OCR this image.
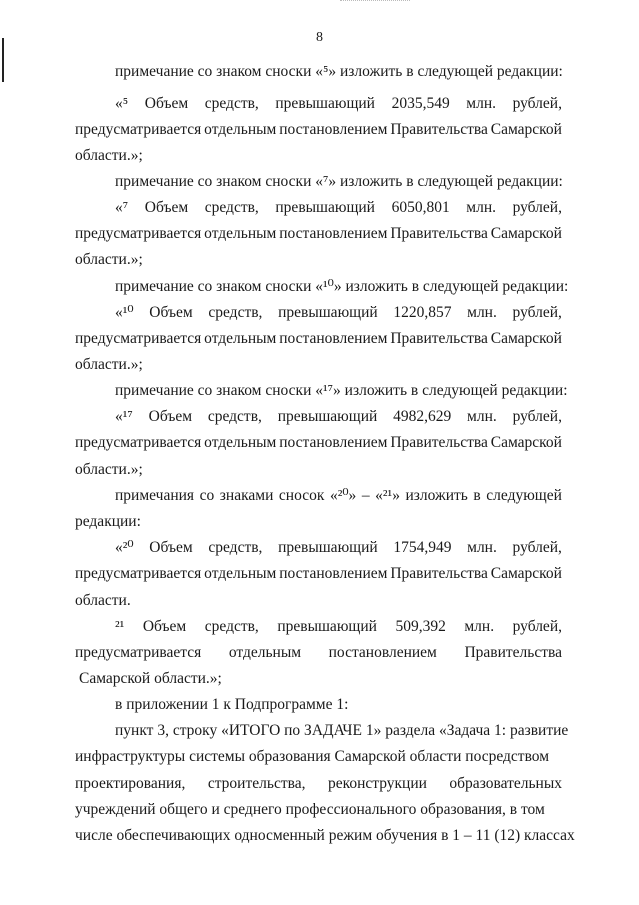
8
примечание со знаком сноски «⁵» изложить в следующей редакции:
«⁵ Объем средств, превышающий 2035,549 млн. рублей,
предусматривается отдельным постановлением Правительства Самарской
области.»;
примечание со знаком сноски «⁷» изложить в следующей редакции:
«⁷ Объем средств, превышающий 6050,801 млн. рублей,
предусматривается отдельным постановлением Правительства Самарской
области.»;
примечание со знаком сноски «¹⁰» изложить в следующей редакции:
«¹⁰ Объем средств, превышающий 1220,857 млн. рублей,
предусматривается отдельным постановлением Правительства Самарской
области.»;
примечание со знаком сноски «¹⁷» изложить в следующей редакции:
«¹⁷ Объем средств, превышающий 4982,629 млн. рублей,
предусматривается отдельным постановлением Правительства Самарской
области.»;
примечания со знаками сносок «²⁰» – «²¹» изложить в следующей
редакции:
«²⁰ Объем средств, превышающий 1754,949 млн. рублей,
предусматривается отдельным постановлением Правительства Самарской
области.
²¹ Объем средств, превышающий 509,392 млн. рублей,
предусматривается отдельным постановлением Правительства
Самарской области.»;
в приложении 1 к Подпрограмме 1:
пункт 3, строку «ИТОГО по ЗАДАЧЕ 1» раздела «Задача 1: развитие
инфраструктуры системы образования Самарской области посредством
проектирования, строительства, реконструкции образовательных
учреждений общего и среднего профессионального образования, в том
числе обеспечивающих односменный режим обучения в 1 – 11 (12) классах
